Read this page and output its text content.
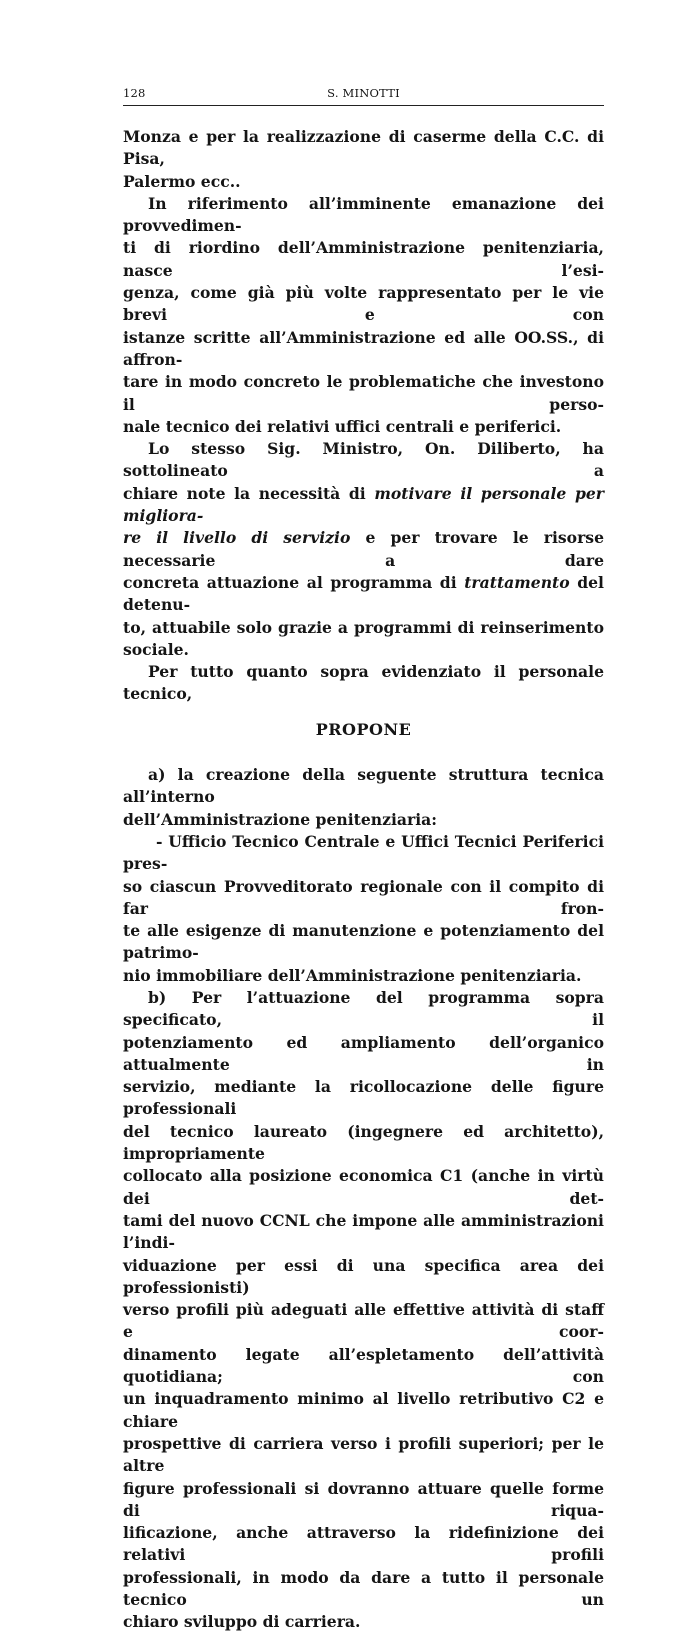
128	S. MINOTTI

Monza e per la realizzazione di caserme della C.C. di Pisa,
Palermo ecc..

In riferimento all’imminente emanazione dei provvedimen-
ti di riordino dell’Amministrazione penitenziaria, nasce l’esi-
genza, come già più volte rappresentato per le vie brevi e con
istanze scritte all’Amministrazione ed alle OO.SS., di affron-
tare in modo concreto le problematiche che investono il perso-
nale tecnico dei relativi uffici centrali e periferici.

Lo stesso Sig. Ministro, On. Diliberto, ha sottolineato a
chiare note la necessità di motivare il personale per migliora-
re il livello di servizio e per trovare le risorse necessarie a dare
concreta attuazione al programma di trattamento del detenu-
to, attuabile solo grazie a programmi di reinserimento sociale.

Per tutto quanto sopra evidenziato il personale tecnico,

PROPONE

a) la creazione della seguente struttura tecnica all’interno
dell’Amministrazione penitenziaria:

- Ufficio Tecnico Centrale e Uffici Tecnici Periferici pres-
so ciascun Provveditorato regionale con il compito di far fron-
te alle esigenze di manutenzione e potenziamento del patrimo-
nio immobiliare dell’Amministrazione penitenziaria.

b) Per l’attuazione del programma sopra specificato, il
potenziamento ed ampliamento dell’organico attualmente in
servizio, mediante la ricollocazione delle figure professionali
del tecnico laureato (ingegnere ed architetto), impropriamente
collocato alla posizione economica C1 (anche in virtù dei det-
tami del nuovo CCNL che impone alle amministrazioni l’indi-
viduazione per essi di una specifica area dei professionisti)
verso profili più adeguati alle effettive attività di staff e coor-
dinamento legate all’espletamento dell’attività quotidiana; con
un inquadramento minimo al livello retributivo C2 e chiare
prospettive di carriera verso i profili superiori; per le altre
figure professionali si dovranno attuare quelle forme di riqua-
lificazione, anche attraverso la ridefinizione dei relativi profili
professionali, in modo da dare a tutto il personale tecnico un
chiaro sviluppo di carriera.
